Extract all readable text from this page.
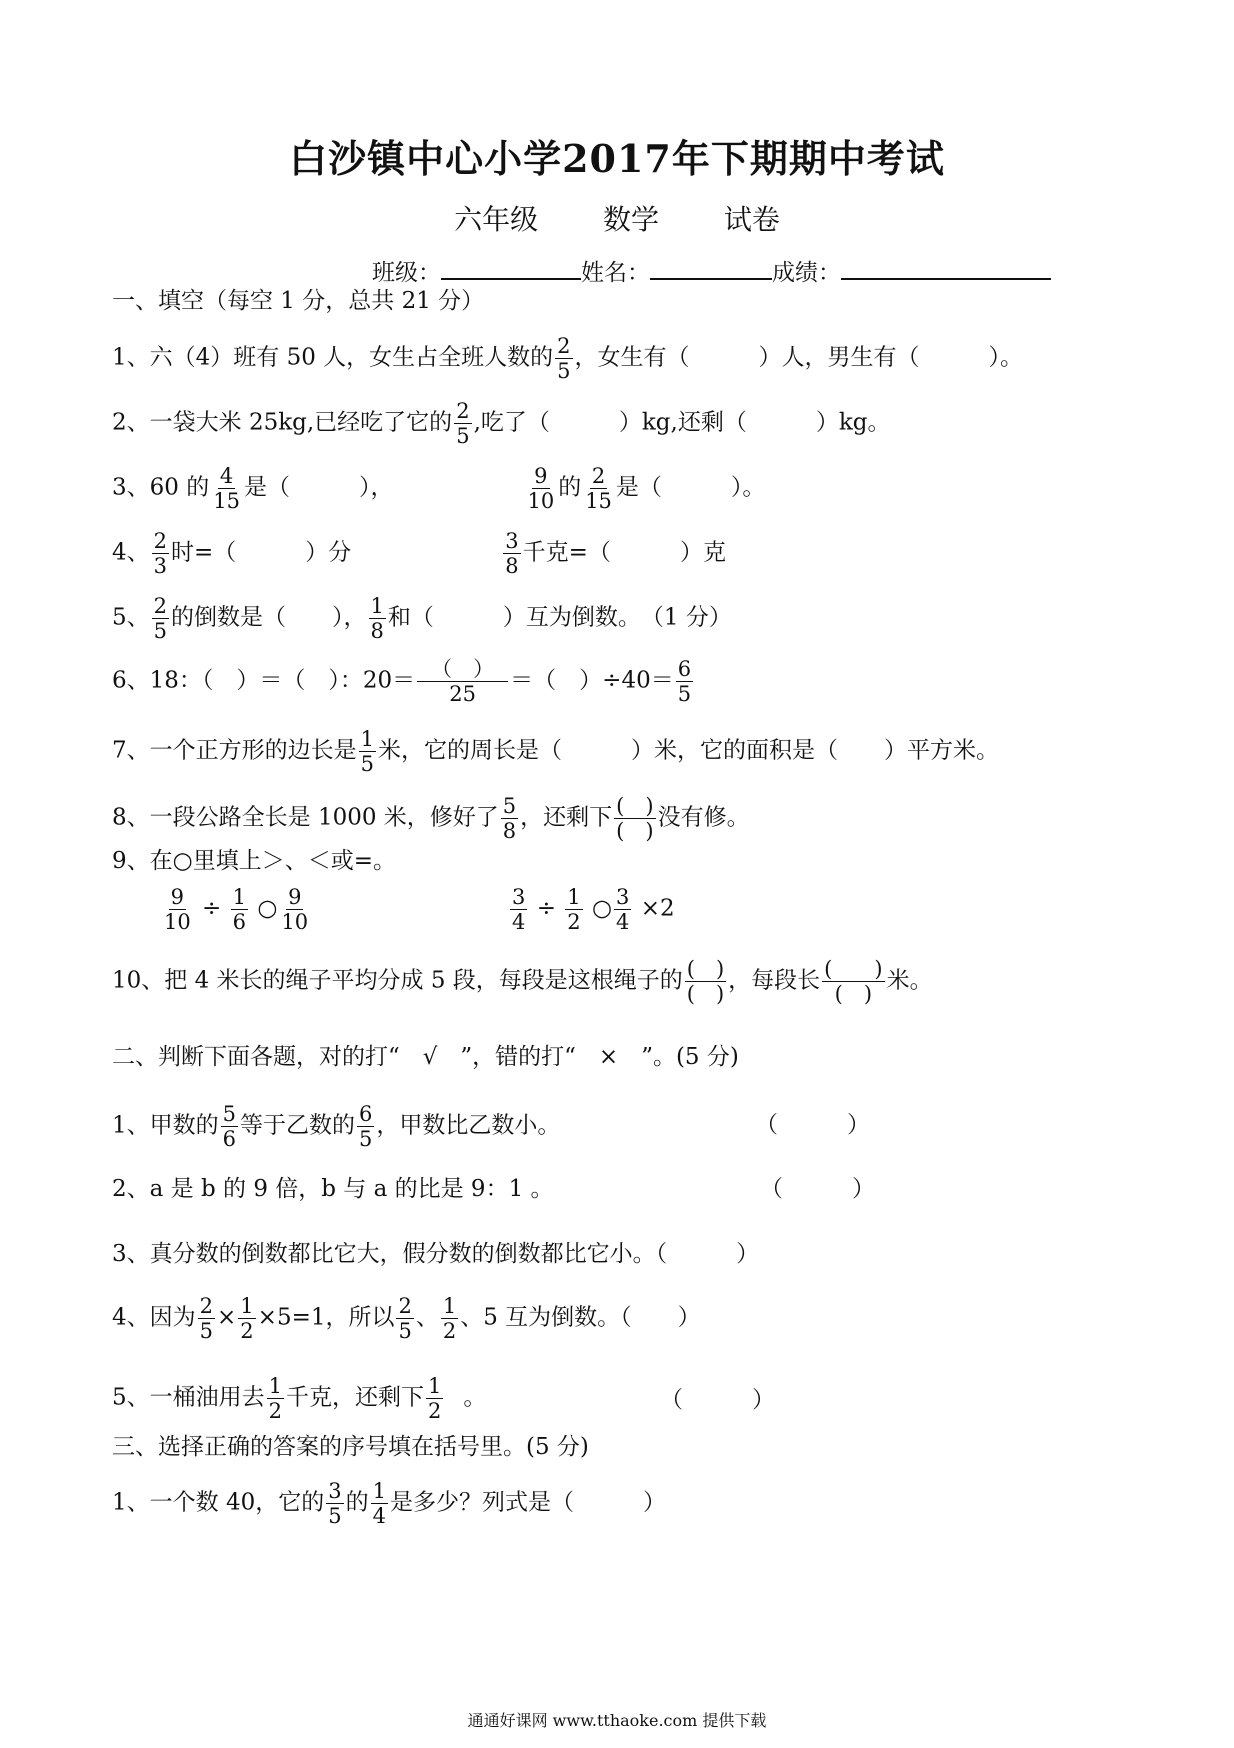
白沙镇中心小学2017年下期期中考试
六年级 数学 试卷
班级：	姓名：	成绩：
一、填空（每空 1 分，总共 21 分）
1、六（4）班有 50 人，女生占全班人数的 $\frac{2}{5}$ ，女生有（　　　）人，男生有（　　　）。
2、一袋大米 25kg,已经吃了它的 $\frac{2}{5}$ ,吃了（　　　）kg,还剩（　　　）kg。
3、60 的 $\frac{4}{15}$ 是（　　　），	$\frac{9}{10}$ 的 $\frac{2}{15}$ 是（　　　）。
4、 $\frac{2}{3}$ 时=（　　　）分	$\frac{3}{8}$ 千克=（　　　）克
5、 $\frac{2}{5}$ 的倒数是（　　）， $\frac{1}{8}$ 和（　　　）互为倒数。　（1 分）
6、18：（　）＝（　）：$20= \frac{( )}{25}$ ＝（　）$\div 40= \frac{6}{5}$
7、一个正方形的边长是 $\frac{1}{5}$ 米，它的周长是（　　　）米，它的面积是（　　）平方米。
8、一段公路全长是 1000 米，修好了 $\frac{5}{8}$ ，还剩下 $\frac{( )}{( )}$ 没有修。
9、在○里填上＞、＜或=。
$\frac{9}{10} \div \frac{1}{6}$ ○ $\frac{9}{10}$	$\frac{3}{4} \div \frac{1}{2}$ ○ $\frac{3}{4} \times 2$
10、把 4 米长的绳子平均分成 5 段，每段是这根绳子的 $\frac{( )}{( )}$ ，每段长 $\frac{( )}{( )}$ 米。
二、判断下面各题，对的打“　√　”，错的打“　×　”。(5 分)
1、甲数的 $\frac{5}{6}$ 等于乙数的 $\frac{6}{5}$ ，甲数比乙数小。	（　　　）
2、a 是 b 的 9 倍，b 与 a 的比是 9：1 。	（　　　）
3、真分数的倒数都比它大，假分数的倒数都比它小。（　　　）
4、因为 $\frac{2}{5} \times \frac{1}{2} \times 5=1$，所以 $\frac{2}{5}$ 、 $\frac{1}{2}$ 、5 互为倒数。（　　）
5、一桶油用去 $\frac{1}{2}$ 千克，还剩下 $\frac{1}{2}$ 。	（　　　）
三、选择正确的答案的序号填在括号里。(5 分)
1、一个数 40，它的 $\frac{3}{5}$ 的 $\frac{1}{4}$ 是多少？列式是（　　　）
通通好课网 www.tthaoke.com 提供下载
